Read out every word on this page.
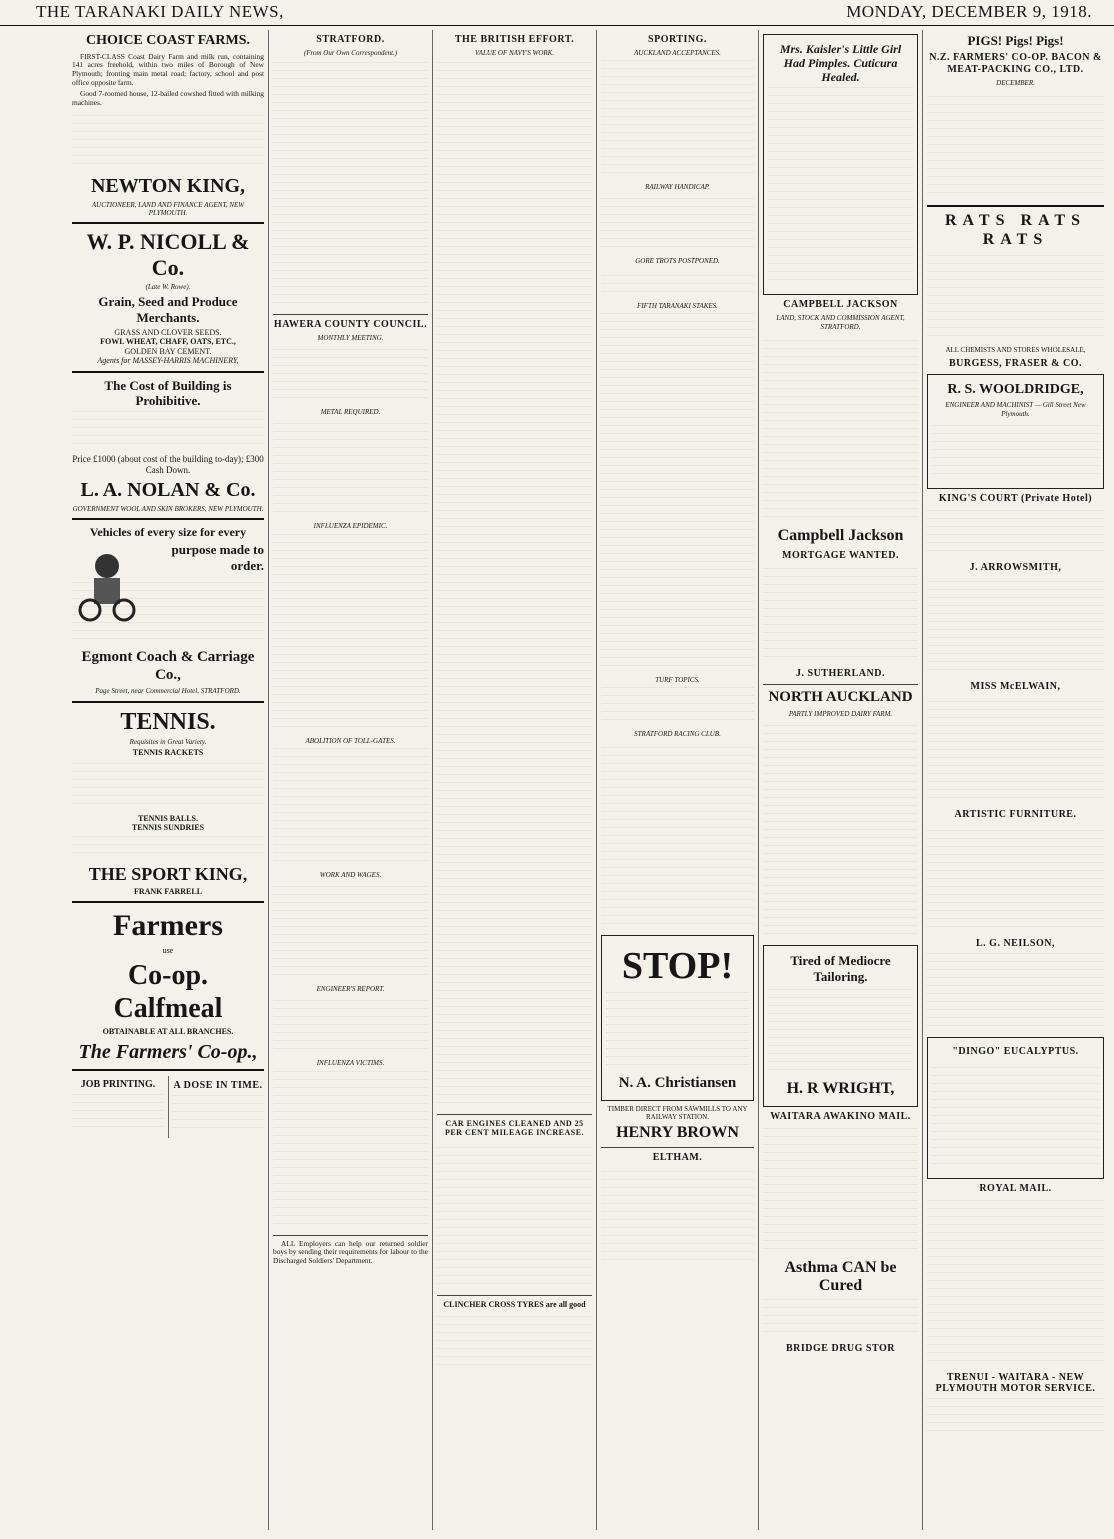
THE TARANAKI DAILY NEWS,	MONDAY, DECEMBER 9, 1918.
CHOICE COAST FARMS.

FIRST-CLASS Coast Dairy Farm and milk run, containing 141 acres freehold, within two miles of Borough of New Plymouth; fronting main metal road; factory, school and post office opposite farm.

Good 7-roomed house, 12-bailed cowshed fitted with milking machines.

NEWTON KING,
AUCTIONEER, LAND AND FINANCE AGENT, NEW PLYMOUTH.
W. P. NICOLL & Co.
(Late W. Rowe).
Grain, Seed and Produce Merchants.
GRASS AND CLOVER SEEDS.
FOWL WHEAT, CHAFF, OATS, ETC.,
GOLDEN BAY CEMENT.
Agents for MASSEY-HARRIS MACHINERY,
The Cost of Building is Prohibitive.
Price £1000 (about cost of the building to-day); £300 Cash Down.
L. A. NOLAN & Co.
GOVERNMENT WOOL AND SKIN BROKERS, NEW PLYMOUTH.
Vehicles of every size for every
purpose made to order.
Egmont Coach & Carriage Co.,
Page Street, near Commercial Hotel, STRATFORD.
TENNIS.
Requisites in Great Variety.
TENNIS RACKETS
TENNIS BALLS.
TENNIS SUNDRIES
THE SPORT KING,
FRANK FARRELL
Farmers
use
Co-op. Calfmeal
OBTAINABLE AT ALL BRANCHES.
The Farmers' Co-op.,
JOB PRINTING.	A DOSE IN TIME.
STRATFORD.
(From Our Own Correspondent.)
HAWERA COUNTY COUNCIL.
MONTHLY MEETING.
METAL REQUIRED.
INFLUENZA EPIDEMIC.
ABOLITION OF TOLL-GATES.
WORK AND WAGES.
ENGINEER'S REPORT.
INFLUENZA VICTIMS.

ALL Employers can help our returned soldier boys by sending their requirements for labour to the Discharged Soldiers' Department.

THE BRITISH EFFORT.
VALUE OF NAVY'S WORK.
CAR ENGINES CLEANED AND 25 PER CENT MILEAGE INCREASE.
CLINCHER CROSS TYRES are all good
SPORTING.
AUCKLAND ACCEPTANCES.
RAILWAY HANDICAP.
GORE TROTS POSTPONED.
FIFTH TARANAKI STAKES.
TURF TOPICS.
STRATFORD RACING CLUB.
STOP!
N. A. Christiansen
TIMBER DIRECT FROM SAWMILLS TO ANY RAILWAY STATION.
HENRY BROWN
ELTHAM.
Mrs. Kaisler's Little Girl Had Pimples. Cuticura Healed.
CAMPBELL JACKSON
LAND, STOCK AND COMMISSION AGENT, STRATFORD.
Campbell Jackson
MORTGAGE WANTED.
J. SUTHERLAND.
NORTH AUCKLAND
PARTLY IMPROVED DAIRY FARM.
Tired of Mediocre Tailoring.
H. R WRIGHT,
WAITARA AWAKINO MAIL.
Asthma CAN be Cured
BRIDGE DRUG STOR
PIGS! Pigs! Pigs!
N.Z. FARMERS' CO-OP. BACON & MEAT-PACKING CO., LTD.
DECEMBER.
RATS RATS RATS
ALL CHEMISTS AND STORES WHOLESALE,
BURGESS, FRASER & CO.
R. S. WOOLDRIDGE,
ENGINEER AND MACHINIST — Gill Street New Plymouth.
KING'S COURT (Private Hotel)
J. ARROWSMITH,
MISS McELWAIN,
ARTISTIC FURNITURE.
L. G. NEILSON,
"DINGO" EUCALYPTUS.
ROYAL MAIL.
TRENUI - WAITARA - NEW PLYMOUTH MOTOR SERVICE.
